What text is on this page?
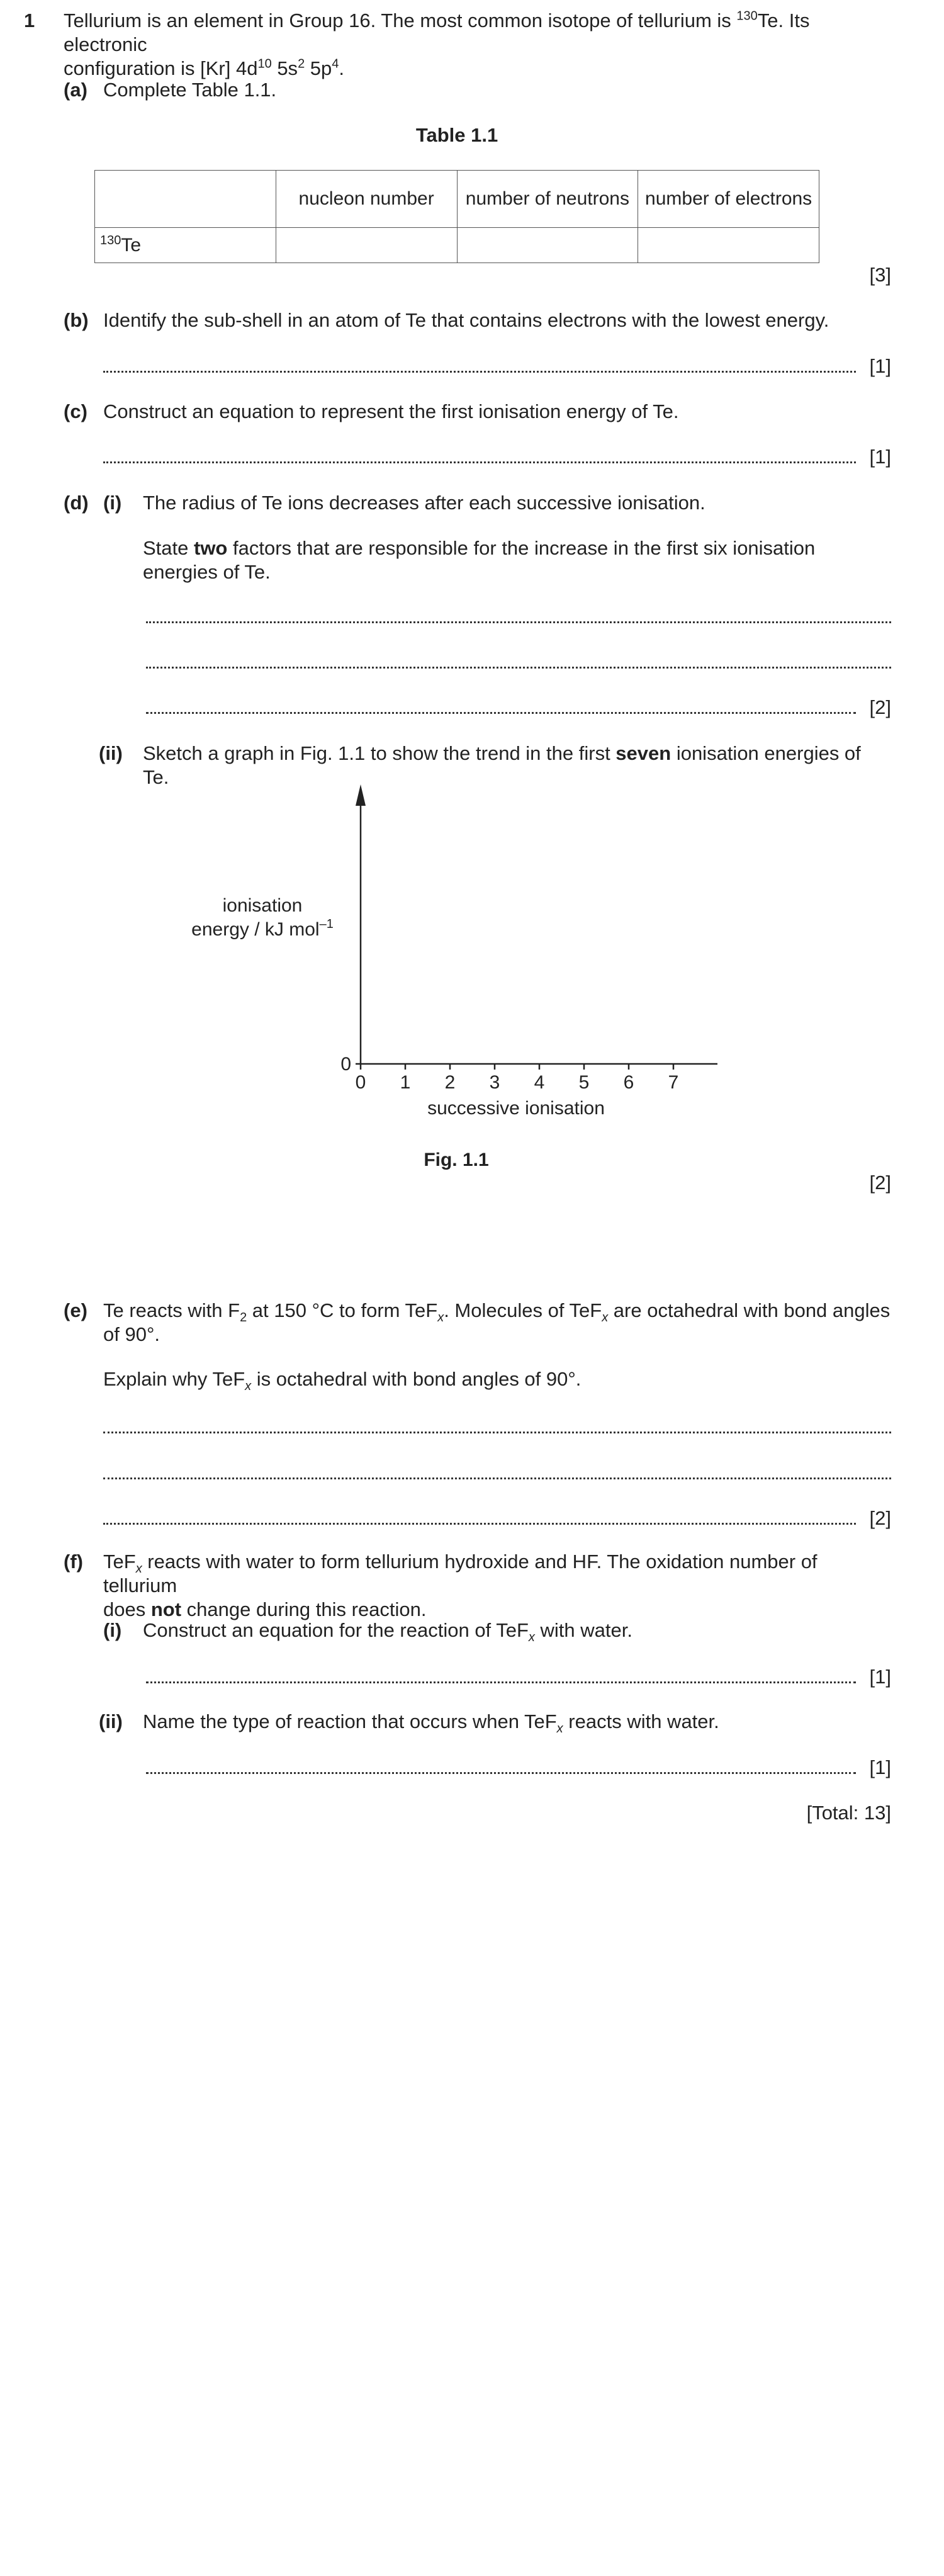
1 Tellurium is an element in Group 16. The most common isotope of tellurium is $^{130}$Te. Its electronic
configuration is [Kr] $4d^{10}$ $5s^2$ $5p^4$.
(a) Complete Table 1.1.
Table 1.1
	nucleon number	number of neutrons	number of electrons
$^{130}$Te			
[3]
(b) Identify the sub-shell in an atom of Te that contains electrons with the lowest energy.
[1]
(c) Construct an equation to represent the first ionisation energy of Te.
[1]
(d) (i) The radius of Te ions decreases after each successive ionisation.
State two factors that are responsible for the increase in the first six ionisation energies of Te.
[2]
(ii) Sketch a graph in Fig. 1.1 to show the trend in the first seven ionisation energies of Te.
ionisation
energy / kJ mol$^{-1}$
0
0 1 2 3 4 5 6 7
successive ionisation
Fig. 1.1
[2]
(e) Te reacts with $F_2$ at 150 °C to form TeF$_x$. Molecules of TeF$_x$ are octahedral with bond angles
of 90°.
Explain why TeF$_x$ is octahedral with bond angles of 90°.
[2]
(f) TeF$_x$ reacts with water to form tellurium hydroxide and HF. The oxidation number of tellurium
does not change during this reaction.
(i) Construct an equation for the reaction of TeF$_x$ with water.
[1]
(ii) Name the type of reaction that occurs when TeF$_x$ reacts with water.
[1]
[Total: 13]
